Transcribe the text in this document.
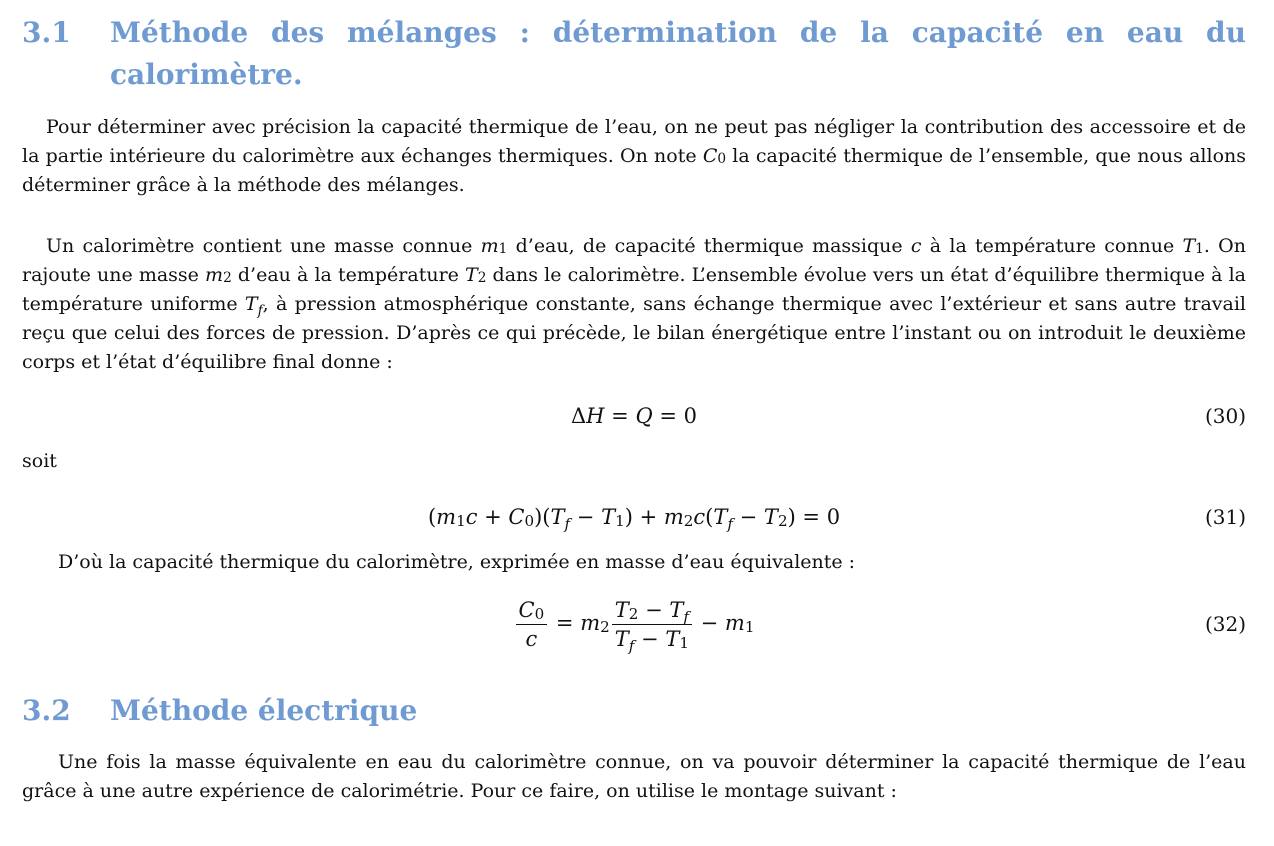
3.1 Méthode des mélanges : détermination de la capacité en eau du calorimètre.

Pour déterminer avec précision la capacité thermique de l’eau, on ne peut pas négliger la contribution des accessoire et de la partie intérieure du calorimètre aux échanges thermiques. On note $C_0$ la capacité thermique de l’ensemble, que nous allons déterminer grâce à la méthode des mélanges.

Un calorimètre contient une masse connue $m_1$ d’eau, de capacité thermique massique c à la température connue $T_1$. On rajoute une masse $m_2$ d’eau à la température $T_2$ dans le calorimètre. L’ensemble évolue vers un état d’équilibre thermique à la température uniforme $T_f$, à pression atmosphérique constante, sans échange thermique avec l’extérieur et sans autre travail reçu que celui des forces de pression. D’après ce qui précède, le bilan énergétique entre l’instant ou on introduit le deuxième corps et l’état d’équilibre final donne :

ΔH = Q = 0	(30)
soit
$(m_1c + C_0)(T_f - T_1) + m_2c(T_f - T_2) = 0$	(31)

D’où la capacité thermique du calorimètre, exprimée en masse d’eau équivalente :

$\frac{C_0}{c} = m_2 \frac{T_2 - T_f}{T_f - T_1} - m_1$	(32)
3.2 Méthode électrique

Une fois la masse équivalente en eau du calorimètre connue, on va pouvoir déterminer la capacité thermique de l’eau grâce à une autre expérience de calorimétrie. Pour ce faire, on utilise le montage suivant :
